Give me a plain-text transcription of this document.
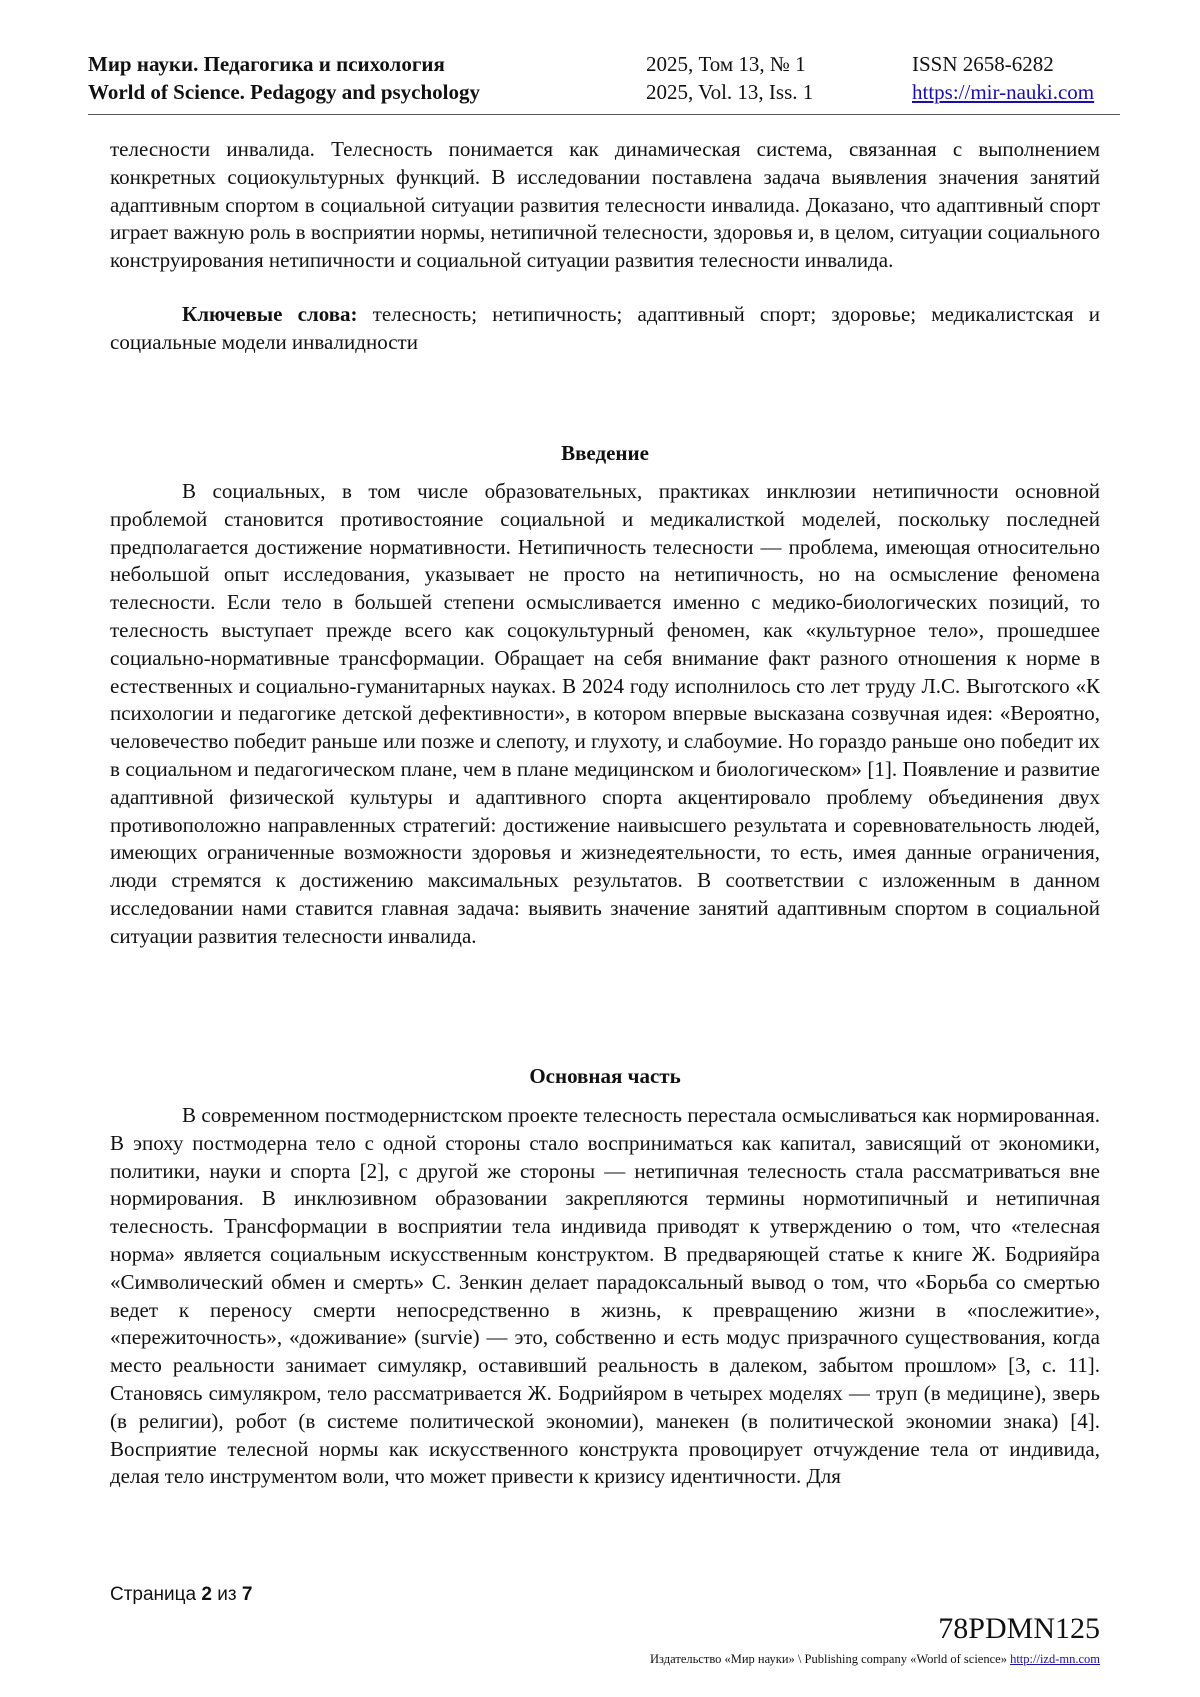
Мир науки. Педагогика и психология
World of Science. Pedagogy and psychology
2025, Том 13, № 1
2025, Vol. 13, Iss. 1
ISSN 2658-6282
https://mir-nauki.com

телесности инвалида. Телесность понимается как динамическая система, связанная с выполнением конкретных социокультурных функций. В исследовании поставлена задача выявления значения занятий адаптивным спортом в социальной ситуации развития телесности инвалида. Доказано, что адаптивный спорт играет важную роль в восприятии нормы, нетипичной телесности, здоровья и, в целом, ситуации социального конструирования нетипичности и социальной ситуации развития телесности инвалида.

Ключевые слова: телесность; нетипичность; адаптивный спорт; здоровье; медикалистская и социальные модели инвалидности

Введение

В социальных, в том числе образовательных, практиках инклюзии нетипичности основной проблемой становится противостояние социальной и медикалисткой моделей, поскольку последней предполагается достижение нормативности. Нетипичность телесности — проблема, имеющая относительно небольшой опыт исследования, указывает не просто на нетипичность, но на осмысление феномена телесности. Если тело в большей степени осмысливается именно с медико-биологических позиций, то телесность выступает прежде всего как соцокультурный феномен, как «культурное тело», прошедшее социально-нормативные трансформации. Обращает на себя внимание факт разного отношения к норме в естественных и социально-гуманитарных науках. В 2024 году исполнилось сто лет труду Л.С. Выготского «К психологии и педагогике детской дефективности», в котором впервые высказана созвучная идея: «Вероятно, человечество победит раньше или позже и слепоту, и глухоту, и слабоумие. Но гораздо раньше оно победит их в социальном и педагогическом плане, чем в плане медицинском и биологическом» [1]. Появление и развитие адаптивной физической культуры и адаптивного спорта акцентировало проблему объединения двух противоположно направленных стратегий: достижение наивысшего результата и соревновательность людей, имеющих ограниченные возможности здоровья и жизнедеятельности, то есть, имея данные ограничения, люди стремятся к достижению максимальных результатов. В соответствии с изложенным в данном исследовании нами ставится главная задача: выявить значение занятий адаптивным спортом в социальной ситуации развития телесности инвалида.

Основная часть

В современном постмодернистском проекте телесность перестала осмысливаться как нормированная. В эпоху постмодерна тело с одной стороны стало восприниматься как капитал, зависящий от экономики, политики, науки и спорта [2], с другой же стороны — нетипичная телесность стала рассматриваться вне нормирования. В инклюзивном образовании закрепляются термины нормотипичный и нетипичная телесность. Трансформации в восприятии тела индивида приводят к утверждению о том, что «телесная норма» является социальным искусственным конструктом. В предваряющей статье к книге Ж. Бодрияйра «Символический обмен и смерть» С. Зенкин делает парадоксальный вывод о том, что «Борьба со смертью ведет к переносу смерти непосредственно в жизнь, к превращению жизни в «послежитие», «пережиточность», «доживание» (survie) — это, собственно и есть модус призрачного существования, когда место реальности занимает симулякр, оставивший реальность в далеком, забытом прошлом» [3, с. 11]. Становясь симулякром, тело рассматривается Ж. Бодрийяром в четырех моделях — труп (в медицине), зверь (в религии), робот (в системе политической экономии), манекен (в политической экономии знака) [4]. Восприятие телесной нормы как искусственного конструкта провоцирует отчуждение тела от индивида, делая тело инструментом воли, что может привести к кризису идентичности. Для

Страница 2 из 7
78PDMN125
Издательство «Мир науки» \ Publishing company «World of science» http://izd-mn.com
